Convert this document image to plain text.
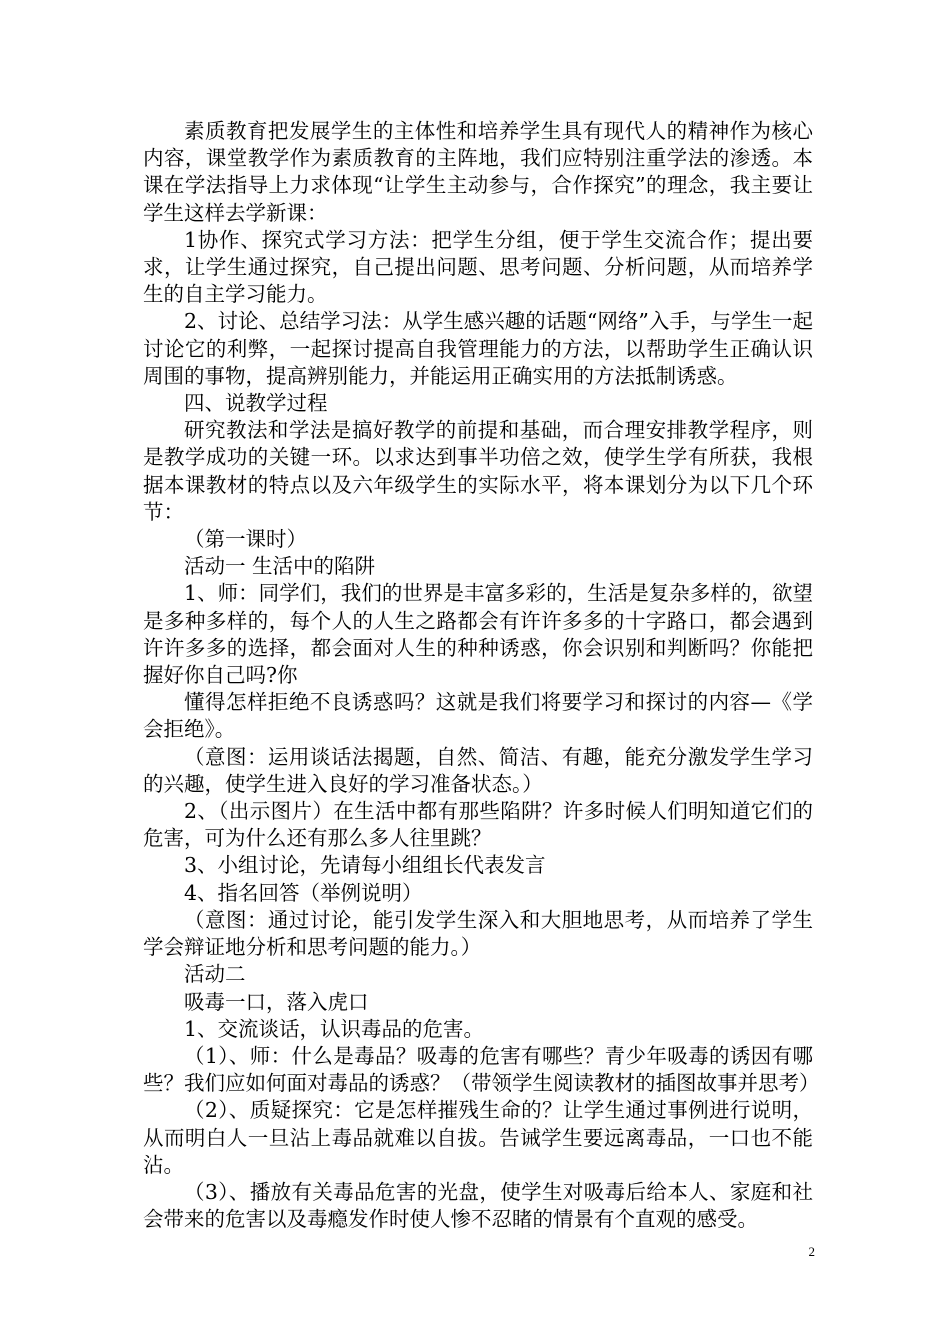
素质教育把发展学生的主体性和培养学生具有现代人的精神作为核心内容，课堂教学作为素质教育的主阵地，我们应特别注重学法的渗透。本课在学法指导上力求体现“让学生主动参与，合作探究”的理念，我主要让学生这样去学新课：

1协作、探究式学习方法：把学生分组，便于学生交流合作；提出要求，让学生通过探究，自己提出问题、思考问题、分析问题，从而培养学生的自主学习能力。

2、讨论、总结学习法：从学生感兴趣的话题“网络”入手，与学生一起讨论它的利弊，一起探讨提高自我管理能力的方法，以帮助学生正确认识周围的事物，提高辨别能力，并能运用正确实用的方法抵制诱惑。

四、说教学过程

研究教法和学法是搞好教学的前提和基础，而合理安排教学程序，则是教学成功的关键一环。以求达到事半功倍之效，使学生学有所获，我根据本课教材的特点以及六年级学生的实际水平，将本课划分为以下几个环节：

（第一课时）

活动一 生活中的陷阱

1、师：同学们，我们的世界是丰富多彩的，生活是复杂多样的，欲望是多种多样的，每个人的人生之路都会有许许多多的十字路口，都会遇到许许多多的选择，都会面对人生的种种诱惑，你会识别和判断吗？你能把握好你自己吗?你

懂得怎样拒绝不良诱惑吗？这就是我们将要学习和探讨的内容—《学会拒绝》。

（意图：运用谈话法揭题，自然、简洁、有趣，能充分激发学生学习的兴趣，使学生进入良好的学习准备状态。）

2、（出示图片）在生活中都有那些陷阱？许多时候人们明知道它们的危害，可为什么还有那么多人往里跳？

3、小组讨论，先请每小组组长代表发言

4、指名回答（举例说明）

（意图：通过讨论，能引发学生深入和大胆地思考，从而培养了学生学会辩证地分析和思考问题的能力。）

活动二

吸毒一口，落入虎口

1、交流谈话，认识毒品的危害。

（1）、师：什么是毒品？吸毒的危害有哪些？青少年吸毒的诱因有哪些？我们应如何面对毒品的诱惑？（带领学生阅读教材的插图故事并思考）

（2）、质疑探究：它是怎样摧残生命的？让学生通过事例进行说明，从而明白人一旦沾上毒品就难以自拔。告诫学生要远离毒品，一口也不能沾。

（3）、播放有关毒品危害的光盘，使学生对吸毒后给本人、家庭和社会带来的危害以及毒瘾发作时使人惨不忍睹的情景有个直观的感受。

2
